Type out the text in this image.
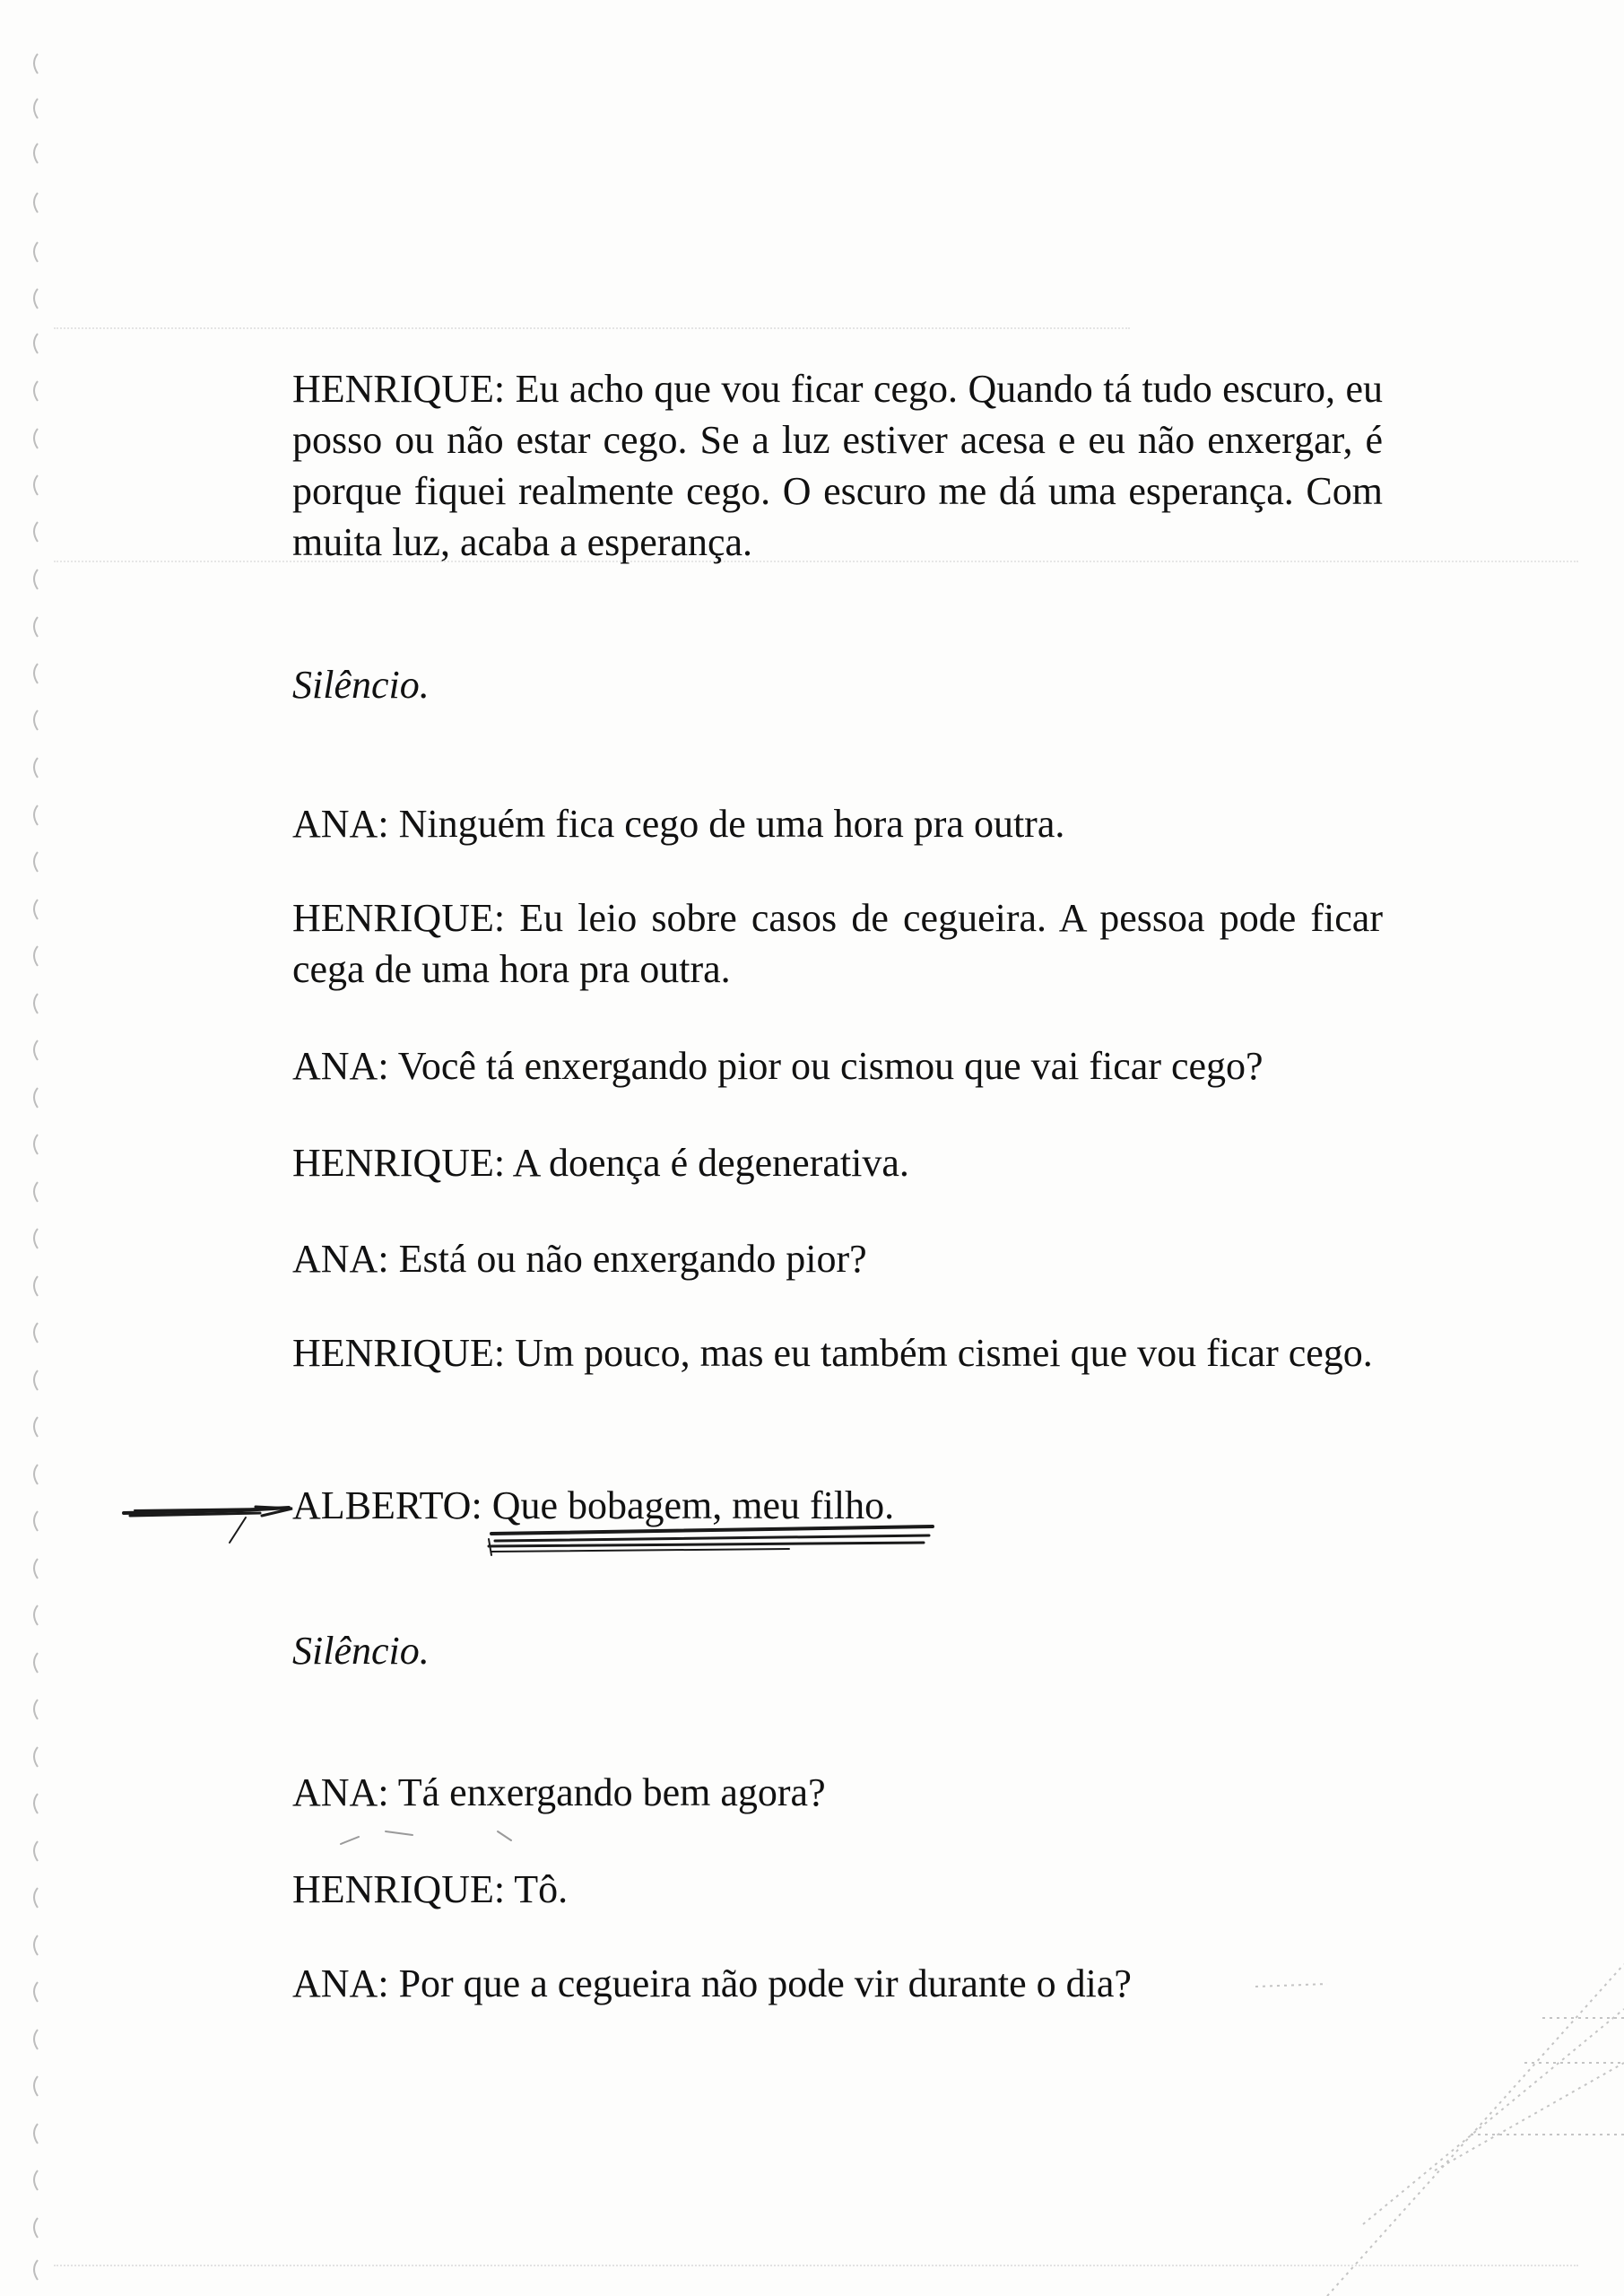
HENRIQUE: Eu acho que vou ficar cego. Quando tá tudo escuro, eu posso ou não estar cego. Se a luz estiver acesa e eu não enxergar, é porque fiquei realmente cego. O escuro me dá uma esperança. Com muita luz, acaba a esperança.
Silêncio.
ANA: Ninguém fica cego de uma hora pra outra.
HENRIQUE: Eu leio sobre casos de cegueira. A pessoa pode ficar cega de uma hora pra outra.
ANA: Você tá enxergando pior ou cismou que vai ficar cego?
HENRIQUE: A doença é degenerativa.
ANA: Está ou não enxergando pior?
HENRIQUE: Um pouco, mas eu também cismei que vou ficar cego.
ALBERTO: Que bobagem, meu filho.
Silêncio.
ANA: Tá enxergando bem agora?
HENRIQUE: Tô.
ANA: Por que a cegueira não pode vir durante o dia?
